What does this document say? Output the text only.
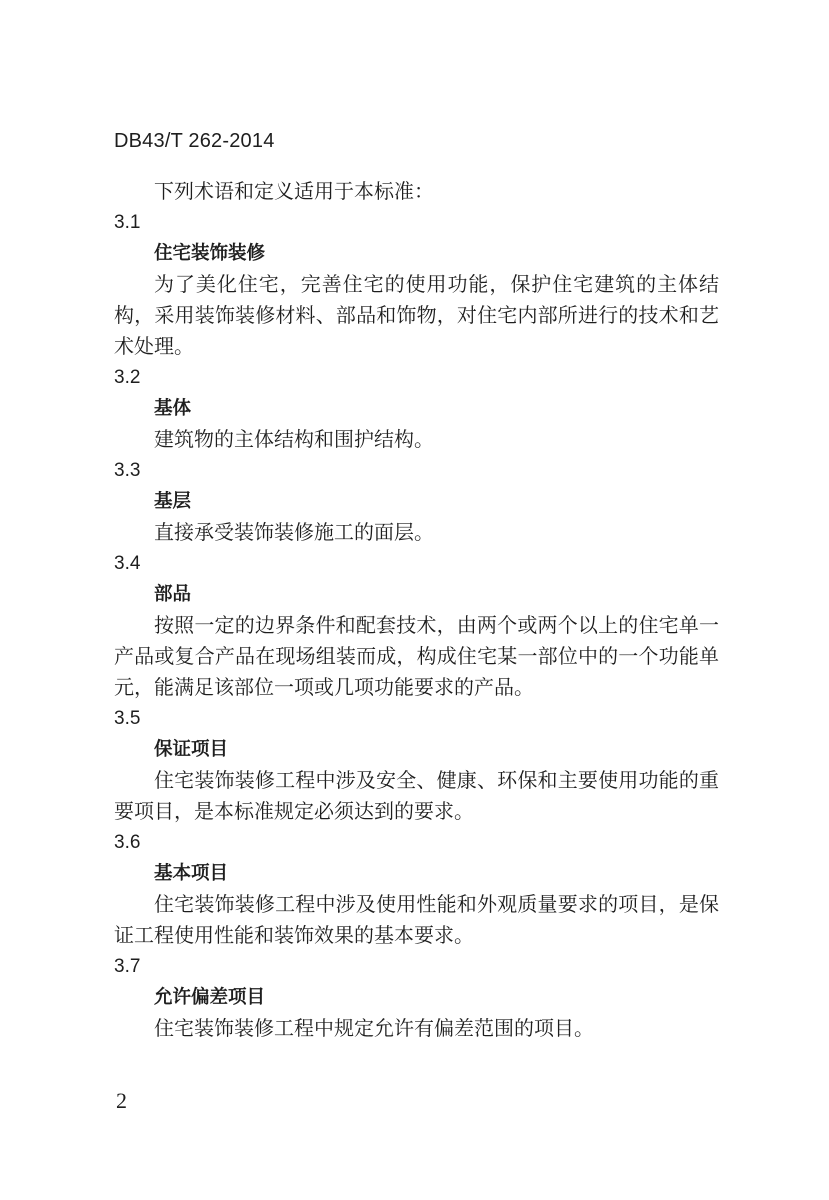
DB43/T 262-2014

下列术语和定义适用于本标准：

3.1

住宅装饰装修

为了美化住宅，完善住宅的使用功能，保护住宅建筑的主体结构，采用装饰装修材料、部品和饰物，对住宅内部所进行的技术和艺术处理。

3.2

基体

建筑物的主体结构和围护结构。

3.3

基层

直接承受装饰装修施工的面层。

3.4

部品

按照一定的边界条件和配套技术，由两个或两个以上的住宅单一产品或复合产品在现场组装而成，构成住宅某一部位中的一个功能单元，能满足该部位一项或几项功能要求的产品。

3.5

保证项目

住宅装饰装修工程中涉及安全、健康、环保和主要使用功能的重要项目，是本标准规定必须达到的要求。

3.6

基本项目

住宅装饰装修工程中涉及使用性能和外观质量要求的项目，是保证工程使用性能和装饰效果的基本要求。

3.7

允许偏差项目

住宅装饰装修工程中规定允许有偏差范围的项目。

2
